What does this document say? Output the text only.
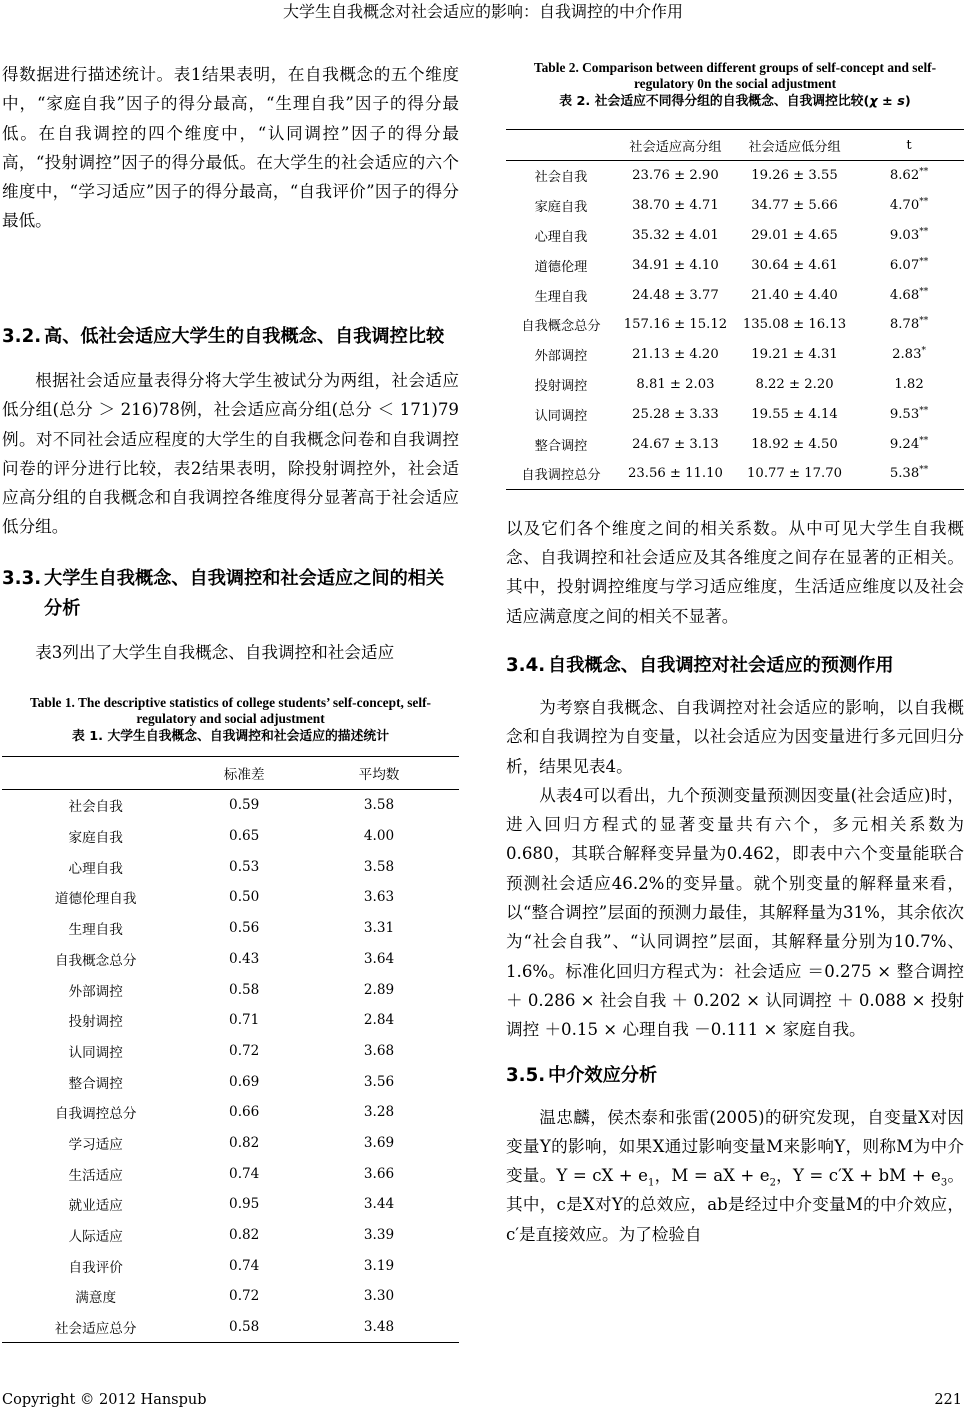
大学生自我概念对社会适应的影响：自我调控的中介作用

得数据进行描述统计。表1结果表明，在自我概念的五个维度中，“家庭自我”因子的得分最高，“生理自我”因子的得分最低。在自我调控的四个维度中，“认同调控”因子的得分最高，“投射调控”因子的得分最低。在大学生的社会适应的六个维度中，“学习适应”因子的得分最高，“自我评价”因子的得分最低。

3.2. 高、低社会适应大学生的自我概念、自我调控比较

根据社会适应量表得分将大学生被试分为两组，社会适应低分组(总分 ＞ 216)78例，社会适应高分组(总分 ＜ 171)79例。对不同社会适应程度的大学生的自我概念问卷和自我调控问卷的评分进行比较，表2结果表明，除投射调控外，社会适应高分组的自我概念和自我调控各维度得分显著高于社会适应低分组。

3.3. 大学生自我概念、自我调控和社会适应之间的相关分析

表3列出了大学生自我概念、自我调控和社会适应

Table 1. The descriptive statistics of college students’ self-concept, self-regulatory and social adjustment

表 1. 大学生自我概念、自我调控和社会适应的描述统计

	标准差	平均数
社会自我	0.59	3.58
家庭自我	0.65	4.00
心理自我	0.53	3.58
道德伦理自我	0.50	3.63
生理自我	0.56	3.31
自我概念总分	0.43	3.64
外部调控	0.58	2.89
投射调控	0.71	2.84
认同调控	0.72	3.68
整合调控	0.69	3.56
自我调控总分	0.66	3.28
学习适应	0.82	3.69
生活适应	0.74	3.66
就业适应	0.95	3.44
人际适应	0.82	3.39
自我评价	0.74	3.19
满意度	0.72	3.30
社会适应总分	0.58	3.48

Table 2. Comparison between different groups of self-concept and self-regulatory 0n the social adjustment

表 2. 社会适应不同得分组的自我概念、自我调控比较(χ ± s)

	社会适应高分组	社会适应低分组	t
社会自我	23.76 ± 2.90	19.26 ± 3.55	8.62**
家庭自我	38.70 ± 4.71	34.77 ± 5.66	4.70**
心理自我	35.32 ± 4.01	29.01 ± 4.65	9.03**
道德伦理	34.91 ± 4.10	30.64 ± 4.61	6.07**
生理自我	24.48 ± 3.77	21.40 ± 4.40	4.68**
自我概念总分	157.16 ± 15.12	135.08 ± 16.13	8.78**
外部调控	21.13 ± 4.20	19.21 ± 4.31	2.83*
投射调控	8.81 ± 2.03	8.22 ± 2.20	1.82
认同调控	25.28 ± 3.33	19.55 ± 4.14	9.53**
整合调控	24.67 ± 3.13	18.92 ± 4.50	9.24**
自我调控总分	23.56 ± 11.10	10.77 ± 17.70	5.38**

以及它们各个维度之间的相关系数。从中可见大学生自我概念、自我调控和社会适应及其各维度之间存在显著的正相关。其中，投射调控维度与学习适应维度，生活适应维度以及社会适应满意度之间的相关不显著。

3.4. 自我概念、自我调控对社会适应的预测作用

为考察自我概念、自我调控对社会适应的影响，以自我概念和自我调控为自变量，以社会适应为因变量进行多元回归分析，结果见表4。

从表4可以看出，九个预测变量预测因变量(社会适应)时，进入回归方程式的显著变量共有六个，多元相关系数为0.680，其联合解释变异量为0.462，即表中六个变量能联合预测社会适应46.2%的变异量。就个别变量的解释量来看，以“整合调控”层面的预测力最佳，其解释量为31%，其余依次为“社会自我”、“认同调控”层面，其解释量分别为10.7%、1.6%。标准化回归方程式为：社会适应 ＝0.275 × 整合调控 ＋ 0.286 × 社会自我 ＋ 0.202 × 认同调控 ＋ 0.088 × 投射调控 ＋0.15 × 心理自我 －0.111 × 家庭自我。

3.5. 中介效应分析

温忠麟，侯杰泰和张雷(2005)的研究发现，自变量X对因变量Y的影响，如果X通过影响变量M来影响Y，则称M为中介变量。Y = cX + $e_1$，M = aX + $e_2$，Y = c′X + bM + $e_3$。其中，c是X对Y的总效应，ab是经过中介变量M的中介效应，c′是直接效应。为了检验自

Copyright © 2012 Hanspub	221
